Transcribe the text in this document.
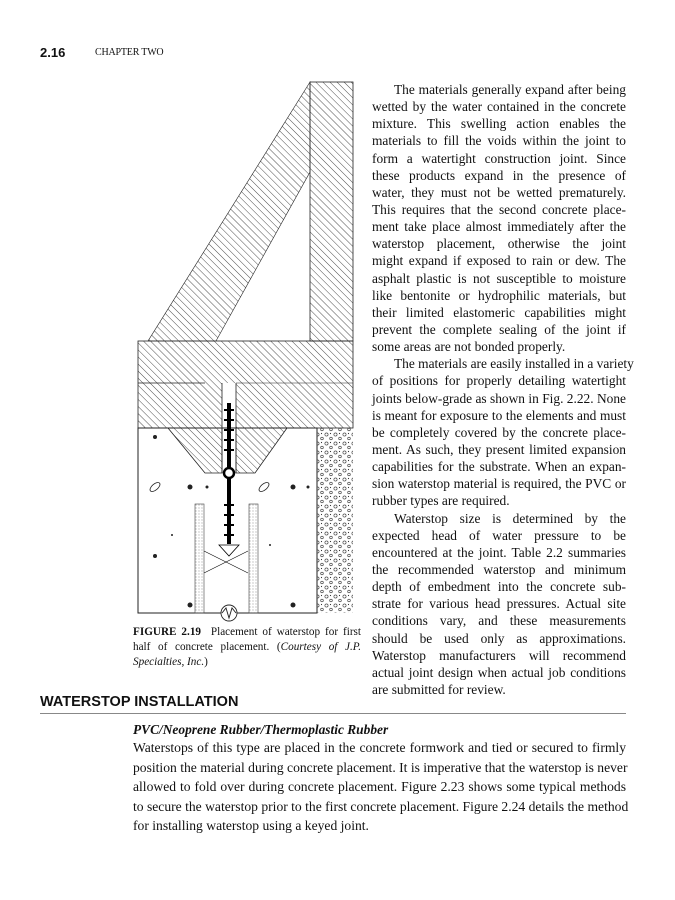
2.16	CHAPTER TWO
The materials generally expand after being
wetted by the water contained in the concrete
mixture. This swelling action enables the
materials to fill the voids within the joint to
form a watertight construction joint. Since
these products expand in the presence of
water, they must not be wetted prematurely.
This requires that the second concrete place-
ment take place almost immediately after the
waterstop placement, otherwise the joint
might expand if exposed to rain or dew. The
asphalt plastic is not susceptible to moisture
like bentonite or hydrophilic materials, but
their limited elastomeric capabilities might
prevent the complete sealing of the joint if
some areas are not bonded properly.
The materials are easily installed in a variety
of positions for properly detailing watertight
joints below-grade as shown in Fig. 2.22. None
is meant for exposure to the elements and must
be completely covered by the concrete place-
ment. As such, they present limited expansion
capabilities for the substrate. When an expan-
sion waterstop material is required, the PVC or
rubber types are required.
Waterstop size is determined by the
expected head of water pressure to be
encountered at the joint. Table 2.2 summaries
the recommended waterstop and minimum
depth of embedment into the concrete sub-
strate for various head pressures. Actual site
conditions vary, and these measurements
should be used only as approximations.
Waterstop manufacturers will recommend
actual joint design when actual job conditions
are submitted for review.
FIGURE 2.19 Placement of waterstop for first
half of concrete placement. (Courtesy of J.P.
Specialties, Inc.)
WATERSTOP INSTALLATION
PVC/Neoprene Rubber/Thermoplastic Rubber
Waterstops of this type are placed in the concrete formwork and tied or secured to firmly
position the material during concrete placement. It is imperative that the waterstop is never
allowed to fold over during concrete placement. Figure 2.23 shows some typical methods
to secure the waterstop prior to the first concrete placement. Figure 2.24 details the method
for installing waterstop using a keyed joint.
